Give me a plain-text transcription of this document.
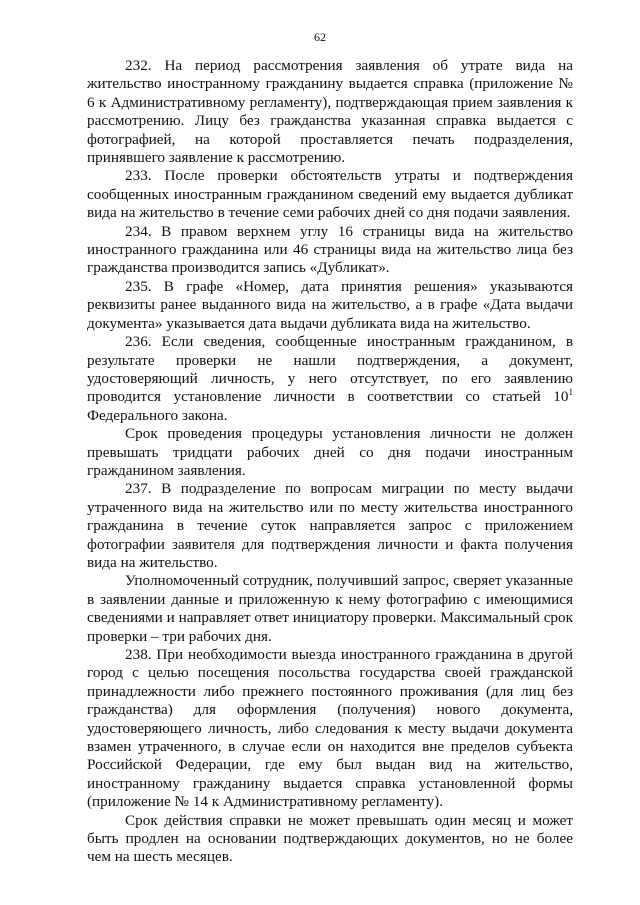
62

232. На период рассмотрения заявления об утрате вида на жительство иностранному гражданину выдается справка (приложение № 6 к Административному регламенту), подтверждающая прием заявления к рассмотрению. Лицу без гражданства указанная справка выдается с фотографией, на которой проставляется печать подразделения, принявшего заявление к рассмотрению.

233. После проверки обстоятельств утраты и подтверждения сообщенных иностранным гражданином сведений ему выдается дубликат вида на жительство в течение семи рабочих дней со дня подачи заявления.

234. В правом верхнем углу 16 страницы вида на жительство иностранного гражданина или 46 страницы вида на жительство лица без гражданства производится запись «Дубликат».

235. В графе «Номер, дата принятия решения» указываются реквизиты ранее выданного вида на жительство, а в графе «Дата выдачи документа» указывается дата выдачи дубликата вида на жительство.

236. Если сведения, сообщенные иностранным гражданином, в результате проверки не нашли подтверждения, а документ, удостоверяющий личность, у него отсутствует, по его заявлению проводится установление личности в соответствии со статьей $10^1$ Федерального закона.

Срок проведения процедуры установления личности не должен превышать тридцати рабочих дней со дня подачи иностранным гражданином заявления.

237. В подразделение по вопросам миграции по месту выдачи утраченного вида на жительство или по месту жительства иностранного гражданина в течение суток направляется запрос с приложением фотографии заявителя для подтверждения личности и факта получения вида на жительство.

Уполномоченный сотрудник, получивший запрос, сверяет указанные в заявлении данные и приложенную к нему фотографию с имеющимися сведениями и направляет ответ инициатору проверки. Максимальный срок проверки – три рабочих дня.

238. При необходимости выезда иностранного гражданина в другой город с целью посещения посольства государства своей гражданской принадлежности либо прежнего постоянного проживания (для лиц без гражданства) для оформления (получения) нового документа, удостоверяющего личность, либо следования к месту выдачи документа взамен утраченного, в случае если он находится вне пределов субъекта Российской Федерации, где ему был выдан вид на жительство, иностранному гражданину выдается справка установленной формы (приложение № 14 к Административному регламенту).

Срок действия справки не может превышать один месяц и может быть продлен на основании подтверждающих документов, но не более чем на шесть месяцев.
